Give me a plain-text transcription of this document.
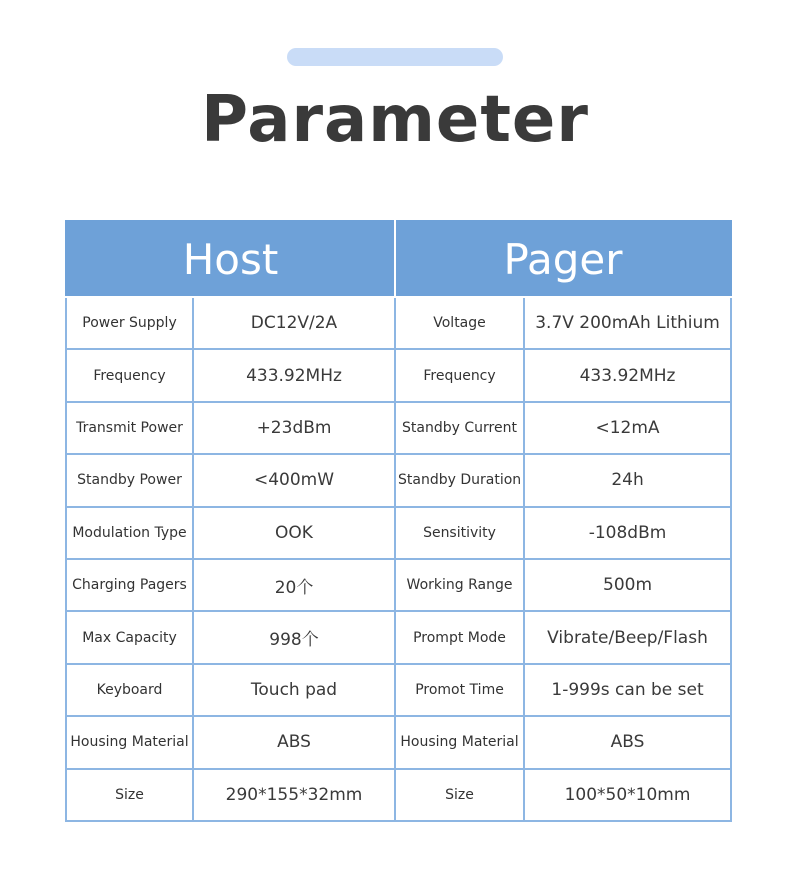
Parameter
Host		Pager	
Power Supply	DC12V/2A	Voltage	3.7V 200mAh Lithium
Frequency	433.92MHz	Frequency	433.92MHz
Transmit Power	+23dBm	Standby Current	<12mA
Standby Power	<400mW	Standby Duration	24h
Modulation Type	OOK	Sensitivity	-108dBm
Charging Pagers	20个	Working Range	500m
Max Capacity	998个	Prompt Mode	Vibrate/Beep/Flash
Keyboard	Touch pad	Promot Time	1-999s can be set
Housing Material	ABS	Housing Material	ABS
Size	290*155*32mm	Size	100*50*10mm
